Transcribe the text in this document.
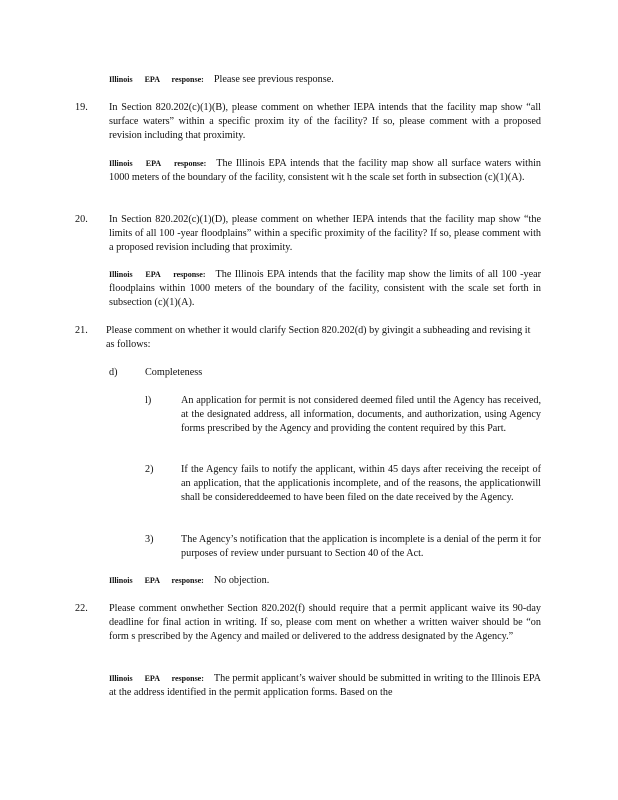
Illinois EPA response: Please see previous response.
19. In Section 820.202(c)(1)(B), please comment on whether IEPA intends that the facility map show “all surface waters” within a specific proxim ity of the facility? If so, please comment with a proposed revision including that proximity.

Illinois EPA response: The Illinois EPA intends that the facility map show all surface waters within 1000 meters of the boundary of the facility, consistent wit h the scale set forth in subsection (c)(1)(A).
20. In Section 820.202(c)(1)(D), please comment on whether IEPA intends that the facility map show “the limits of all 100 -year floodplains” within a specific proximity of the facility? If so, please comment with a proposed revision including that proximity.

Illinois EPA response: The Illinois EPA intends that the facility map show the limits of all 100 -year floodplains within 1000 meters of the boundary of the facility, consistent with the scale set forth in subsection (c)(1)(A).
21. Please comment on whether it would clarify Section 820.202(d) by givingit a subheading and revising it as follows:

d)	Completeness
l)	An application for permit is not considered deemed filed until the Agency has received, at the designated address, all information, documents, and authorization, using Agency forms prescribed by the Agency and providing the content required by this Part.

2)	If the Agency fails to notify the applicant, within 45 days after receiving the receipt of an application, that the applicationis incomplete, and of the reasons, the applicationwill shall be considereddeemed to have been filed on the date received by the Agency.

3)	The Agency’s notification that the application is incomplete is a denial of the perm it for purposes of review under pursuant to Section 40 of the Act.

Illinois EPA response: No objection.
22. Please comment onwhether Section 820.202(f) should require that a permit applicant waive its 90-day deadline for final action in writing. If so, please com ment on whether a written waiver should be “on form s prescribed by the Agency and mailed or delivered to the address designated by the Agency.”

Illinois EPA response: The permit applicant’s waiver should be submitted in writing to the Illinois EPA at the address identified in the permit application forms. Based on the
